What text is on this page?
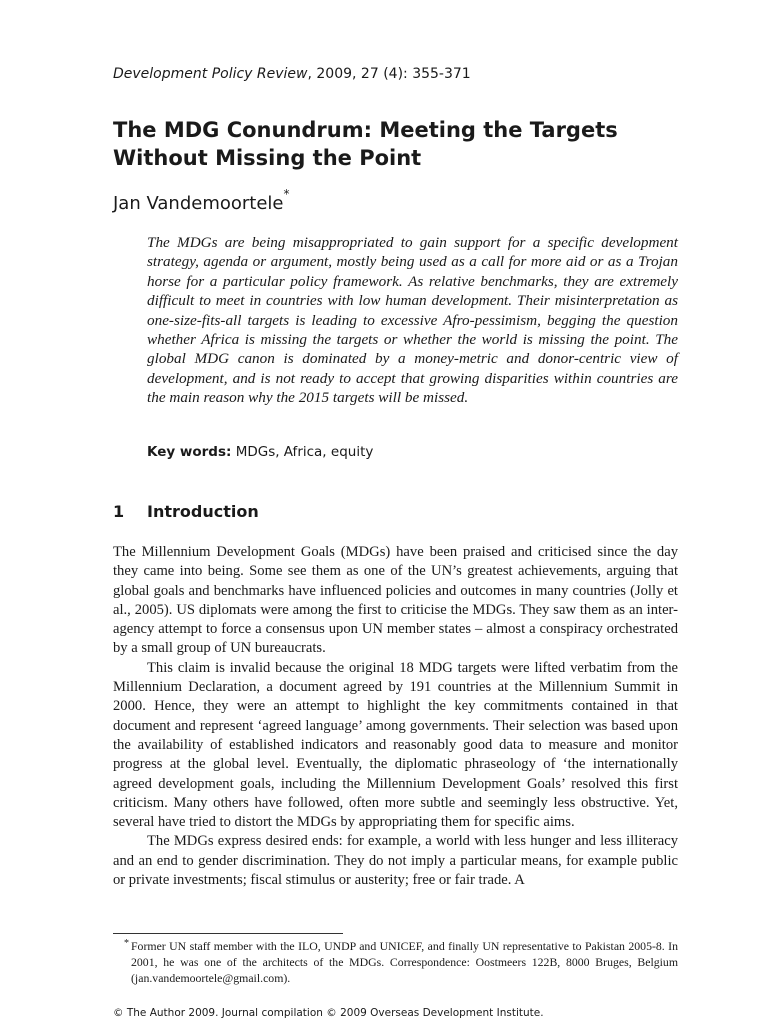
Development Policy Review, 2009, 27 (4): 355-371
The MDG Conundrum: Meeting the Targets Without Missing the Point
Jan Vandemoortele*

The MDGs are being misappropriated to gain support for a specific development strategy, agenda or argument, mostly being used as a call for more aid or as a Trojan horse for a particular policy framework. As relative benchmarks, they are extremely difficult to meet in countries with low human development. Their misinterpretation as one-size-fits-all targets is leading to excessive Afro-pessimism, begging the question whether Africa is missing the targets or whether the world is missing the point. The global MDG canon is dominated by a money-metric and donor-centric view of development, and is not ready to accept that growing disparities within countries are the main reason why the 2015 targets will be missed.

Key words: MDGs, Africa, equity
1 Introduction

The Millennium Development Goals (MDGs) have been praised and criticised since the day they came into being. Some see them as one of the UN’s greatest achievements, arguing that global goals and benchmarks have influenced policies and outcomes in many countries (Jolly et al., 2005). US diplomats were among the first to criticise the MDGs. They saw them as an inter-agency attempt to force a consensus upon UN member states – almost a conspiracy orchestrated by a small group of UN bureaucrats.

This claim is invalid because the original 18 MDG targets were lifted verbatim from the Millennium Declaration, a document agreed by 191 countries at the Millennium Summit in 2000. Hence, they were an attempt to highlight the key commitments contained in that document and represent ‘agreed language’ among governments. Their selection was based upon the availability of established indicators and reasonably good data to measure and monitor progress at the global level. Eventually, the diplomatic phraseology of ‘the internationally agreed development goals, including the Millennium Development Goals’ resolved this first criticism. Many others have followed, often more subtle and seemingly less obstructive. Yet, several have tried to distort the MDGs by appropriating them for specific aims.

The MDGs express desired ends: for example, a world with less hunger and less illiteracy and an end to gender discrimination. They do not imply a particular means, for example public or private investments; fiscal stimulus or austerity; free or fair trade. A

* Former UN staff member with the ILO, UNDP and UNICEF, and finally UN representative to Pakistan 2005-8. In 2001, he was one of the architects of the MDGs. Correspondence: Oostmeers 122B, 8000 Bruges, Belgium (jan.vandemoortele@gmail.com).
© The Author 2009. Journal compilation © 2009 Overseas Development Institute.
